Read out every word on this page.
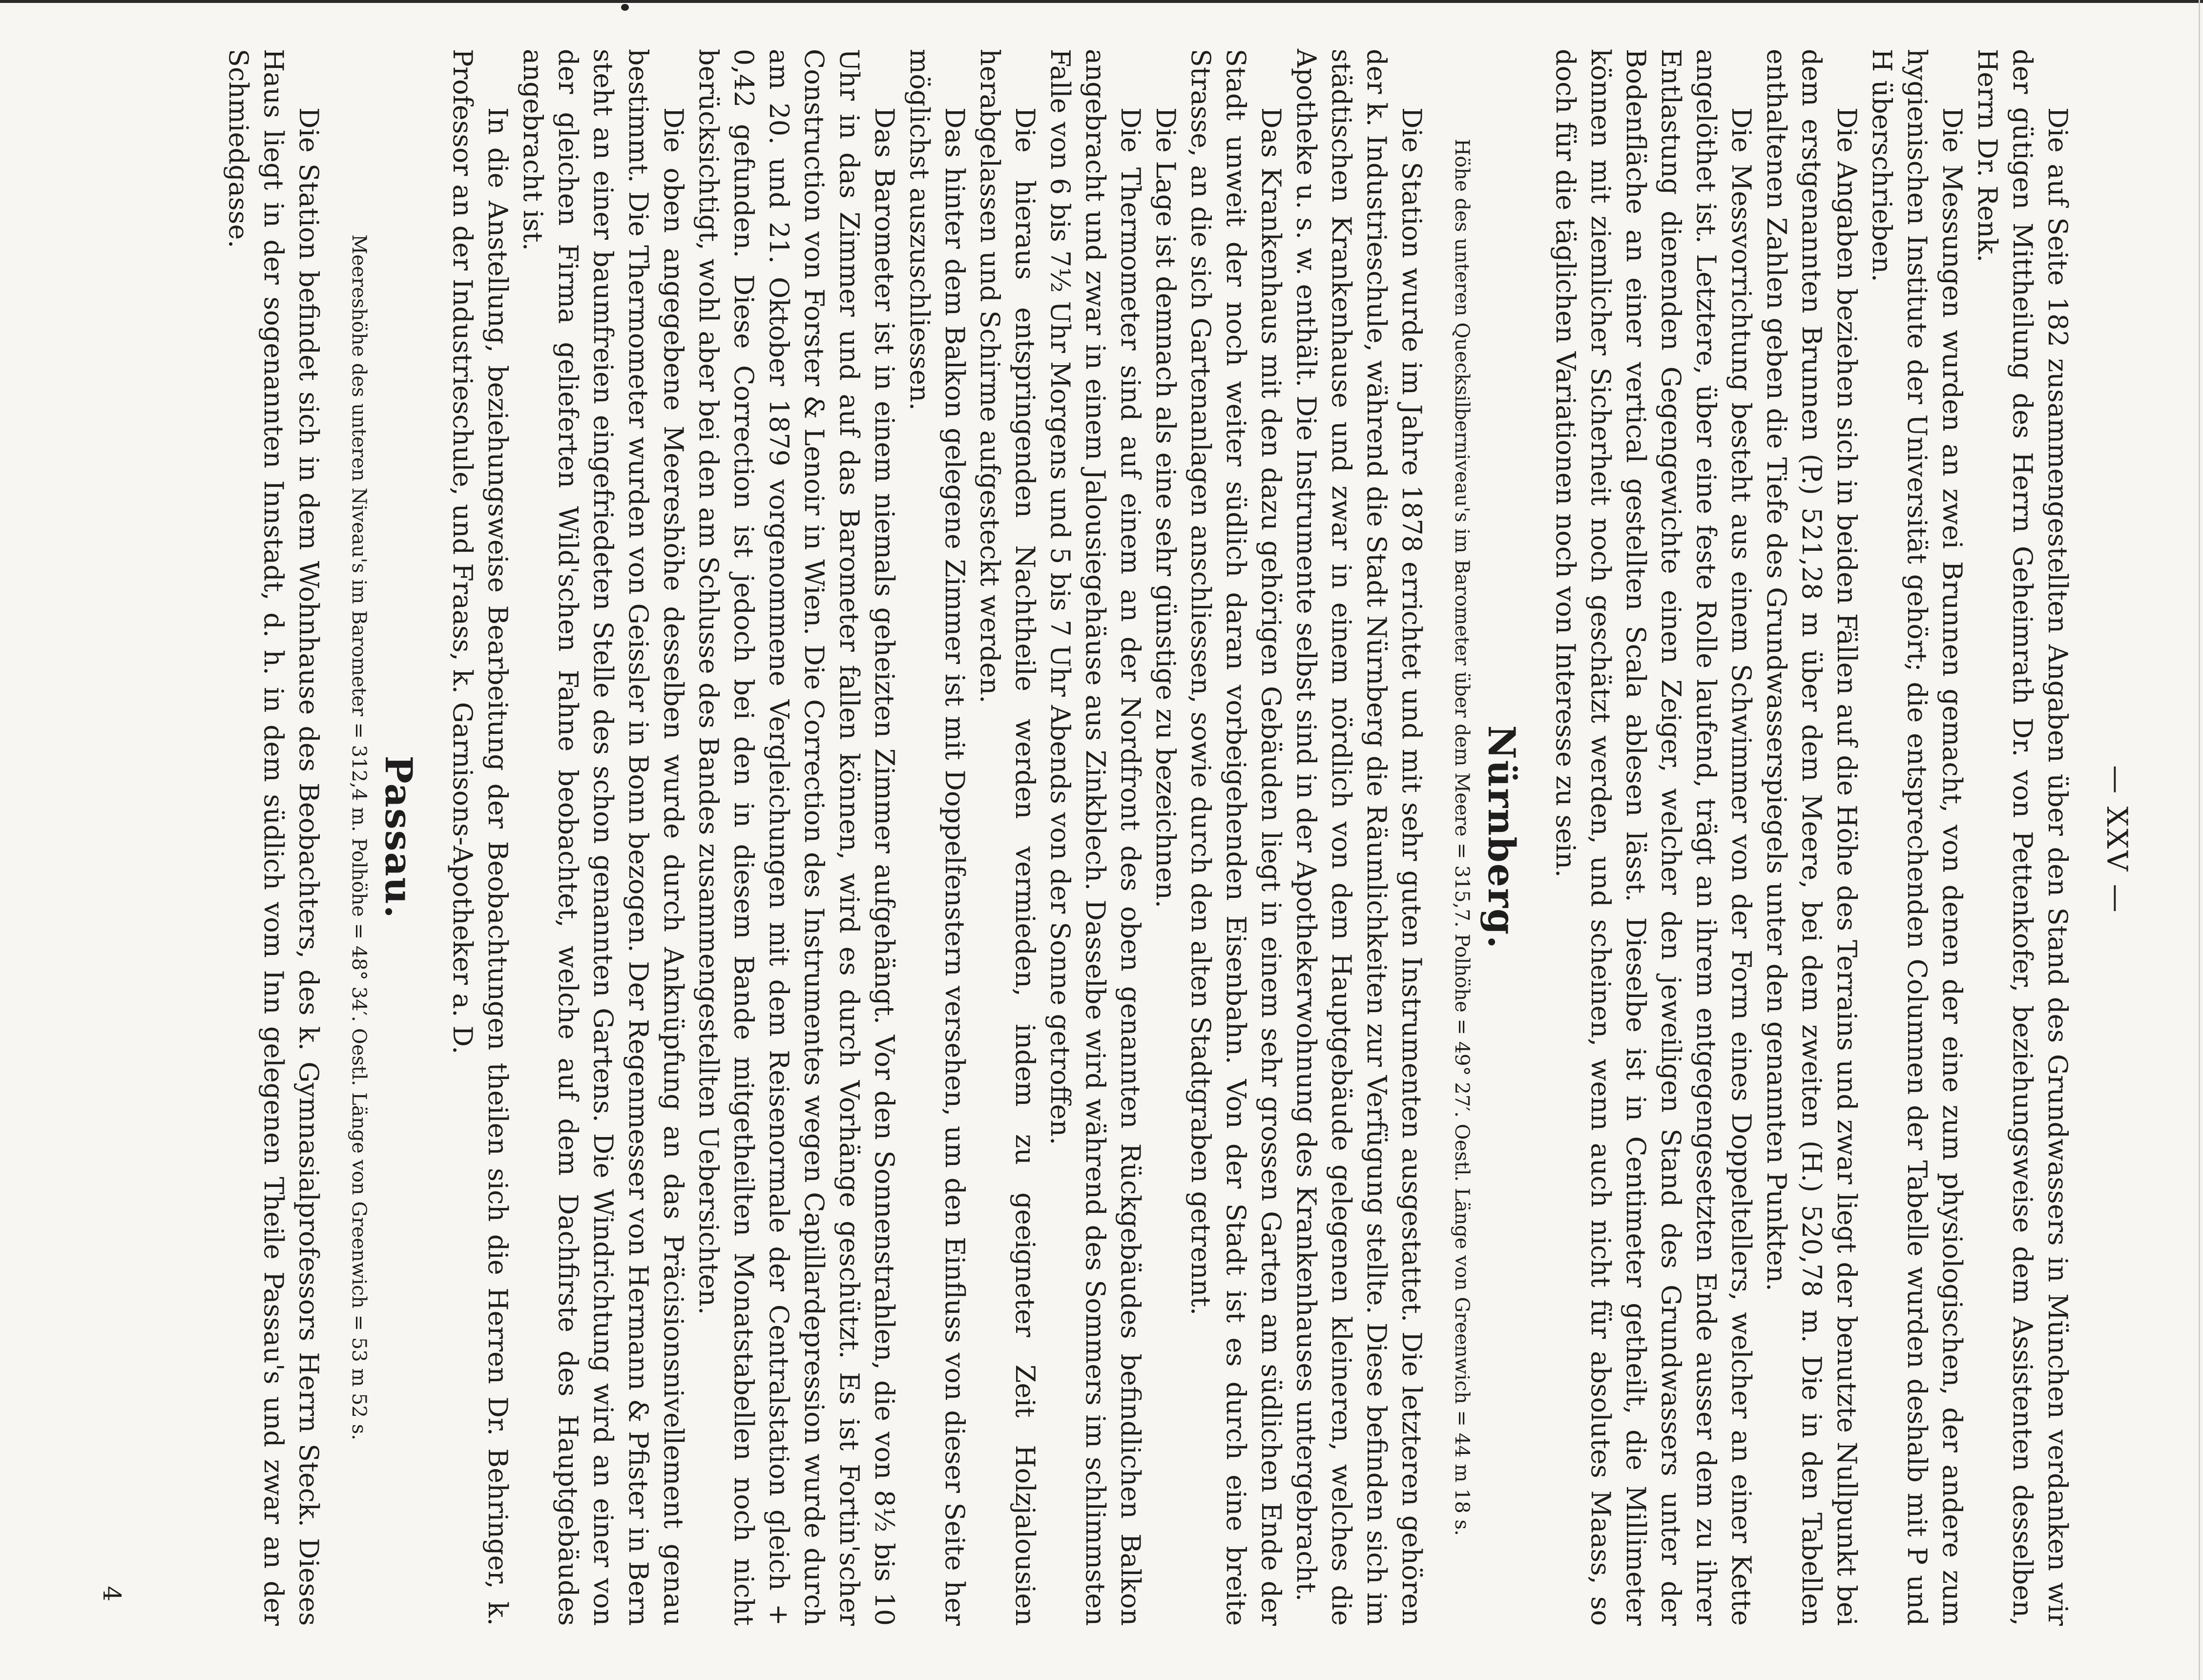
— XXV —

Die auf Seite 182 zusammengestellten Angaben über den Stand des Grundwassers in München verdanken wir der gütigen Mittheilung des Herrn Geheimrath Dr. von Pettenkofer, beziehungsweise dem Assistenten desselben, Herrn Dr. Renk.

Die Messungen wurden an zwei Brunnen gemacht, von denen der eine zum physiologischen, der andere zum hygienischen Institute der Universität gehört; die entsprechenden Columnen der Tabelle wurden deshalb mit P und H überschrieben.

Die Angaben beziehen sich in beiden Fällen auf die Höhe des Terrains und zwar liegt der benutzte Nullpunkt bei dem erstgenannten Brunnen (P.) 521,28 m über dem Meere, bei dem zweiten (H.) 520,78 m. Die in den Tabellen enthaltenen Zahlen geben die Tiefe des Grundwasserspiegels unter den genannten Punkten.

Die Messvorrichtung besteht aus einem Schwimmer von der Form eines Doppeltellers, welcher an einer Kette angelöthet ist. Letztere, über eine feste Rolle laufend, trägt an ihrem entgegengesetzten Ende ausser dem zu ihrer Entlastung dienenden Gegengewichte einen Zeiger, welcher den jeweiligen Stand des Grundwassers unter der Bodenfläche an einer vertical gestellten Scala ablesen lässt. Dieselbe ist in Centimeter getheilt, die Millimeter können mit ziemlicher Sicherheit noch geschätzt werden, und scheinen, wenn auch nicht für absolutes Maass, so doch für die täglichen Variationen noch von Interesse zu sein.

Nürnberg.
Höhe des unteren Quecksilberniveau's im Barometer über dem Meere = 315,7. Polhöhe = 49° 27′. Oestl. Länge von Greenwich = 44 m 18 s.

Die Station wurde im Jahre 1878 errichtet und mit sehr guten Instrumenten ausgestattet. Die letzteren gehören der k. Industrieschule, während die Stadt Nürnberg die Räumlichkeiten zur Verfügung stellte. Diese befinden sich im städtischen Krankenhause und zwar in einem nördlich von dem Hauptgebäude gelegenen kleineren, welches die Apotheke u. s. w. enthält. Die Instrumente selbst sind in der Apothekerwohnung des Krankenhauses untergebracht.

Das Krankenhaus mit den dazu gehörigen Gebäuden liegt in einem sehr grossen Garten am südlichen Ende der Stadt unweit der noch weiter südlich daran vorbeigehenden Eisenbahn. Von der Stadt ist es durch eine breite Strasse, an die sich Gartenanlagen anschliessen, sowie durch den alten Stadtgraben getrennt.

Die Lage ist demnach als eine sehr günstige zu bezeichnen.

Die Thermometer sind auf einem an der Nordfront des oben genannten Rückgebäudes befindlichen Balkon angebracht und zwar in einem Jalousiegehäuse aus Zinkblech. Dasselbe wird während des Sommers im schlimmsten Falle von 6 bis 7½ Uhr Morgens und 5 bis 7 Uhr Abends von der Sonne getroffen.

Die hieraus entspringenden Nachtheile werden vermieden, indem zu geeigneter Zeit Holzjalousien herabgelassen und Schirme aufgesteckt werden.

Das hinter dem Balkon gelegene Zimmer ist mit Doppelfenstern versehen, um den Einfluss von dieser Seite her möglichst auszuschliessen.

Das Barometer ist in einem niemals geheizten Zimmer aufgehängt. Vor den Sonnenstrahlen, die von 8½ bis 10 Uhr in das Zimmer und auf das Barometer fallen können, wird es durch Vorhänge geschützt. Es ist Fortin'scher Construction von Forster & Lenoir in Wien. Die Correction des Instrumentes wegen Capillardepression wurde durch am 20. und 21. Oktober 1879 vorgenommene Vergleichungen mit dem Reisenormale der Centralstation gleich + 0,42 gefunden. Diese Correction ist jedoch bei den in diesem Bande mitgetheilten Monatstabellen noch nicht berücksichtigt, wohl aber bei den am Schlusse des Bandes zusammengestellten Uebersichten.

Die oben angegebene Meereshöhe desselben wurde durch Anknüpfung an das Präcisionsnivellement genau bestimmt. Die Thermometer wurden von Geissler in Bonn bezogen. Der Regenmesser von Hermann & Pfister in Bern steht an einer baumfreien eingefriedeten Stelle des schon genannten Gartens. Die Windrichtung wird an einer von der gleichen Firma gelieferten Wild'schen Fahne beobachtet, welche auf dem Dachfirste des Hauptgebäudes angebracht ist.

In die Anstellung, beziehungsweise Bearbeitung der Beobachtungen theilen sich die Herren Dr. Behringer, k. Professor an der Industrieschule, und Fraass, k. Garnisons-Apotheker a. D.

Passau.
Meereshöhe des unteren Niveau's im Barometer = 312,4 m. Polhöhe = 48° 34′. Oestl. Länge von Greenwich = 53 m 52 s.

Die Station befindet sich in dem Wohnhause des Beobachters, des k. Gymnasialprofessors Herrn Steck. Dieses Haus liegt in der sogenannten Innstadt, d. h. in dem südlich vom Inn gelegenen Theile Passau's und zwar an der Schmiedgasse.

4
